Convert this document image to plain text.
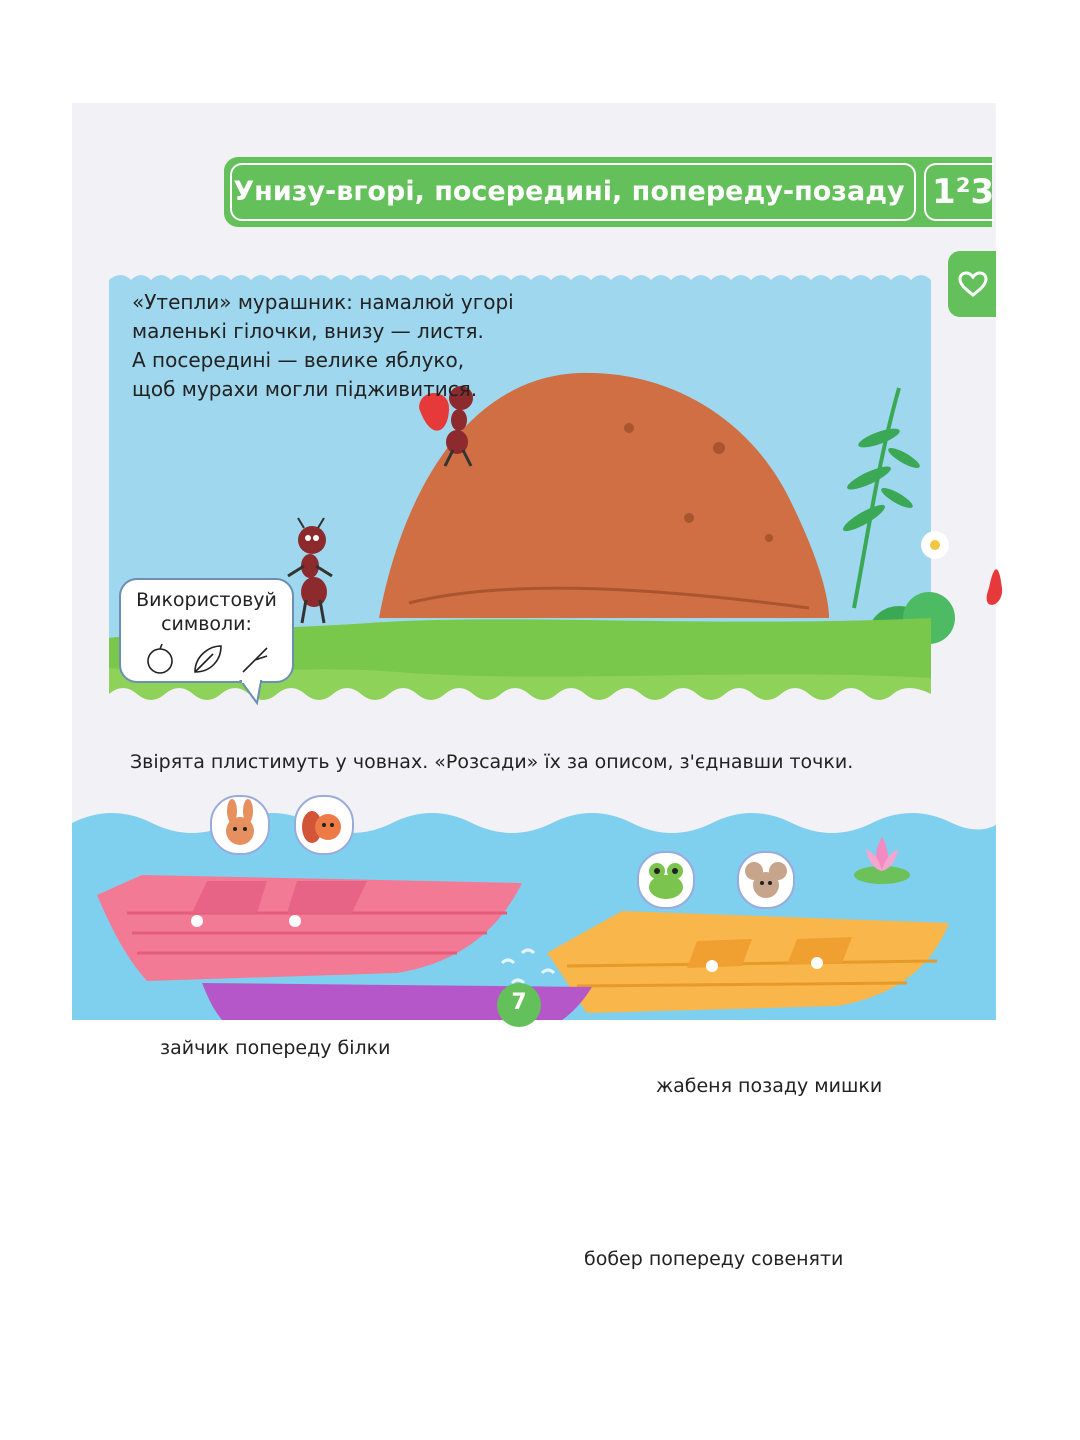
Унизу-вгорі, посередині, попереду-позаду 1²3
Використовуй
символи:
«Утепли» мурашник: намалюй угорі
маленькі гілочки, внизу — листя.
А посередині — велике яблуко,
щоб мурахи могли підживитися.
Звірята плистимуть у човнах. «Розсади» їх за описом, з'єднавши точки.
зайчик попереду білки
жабеня позаду мишки
бобер попереду совеняти
7
